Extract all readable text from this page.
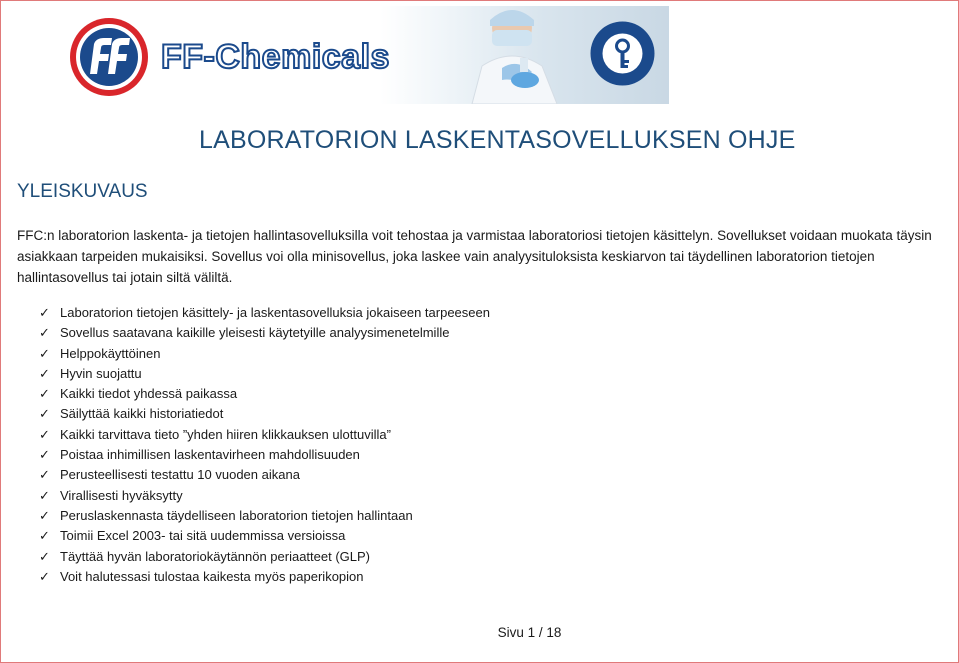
FF-Chemicals
LABORATORION LASKENTASOVELLUKSEN OHJE
YLEISKUVAUS
FFC:n laboratorion laskenta- ja tietojen hallintasovelluksilla voit tehostaa ja varmistaa laboratoriosi tietojen käsittelyn. Sovellukset voidaan muokata täysin
asiakkaan tarpeiden mukaisiksi. Sovellus voi olla minisovellus, joka laskee vain analyysituloksista keskiarvon tai täydellinen laboratorion tietojen
hallintasovellus tai jotain siltä väliltä.
✓ Laboratorion tietojen käsittely- ja laskentasovelluksia jokaiseen tarpeeseen
✓ Sovellus saatavana kaikille yleisesti käytetyille analyysimenetelmille
✓ Helppokäyttöinen
✓ Hyvin suojattu
✓ Kaikki tiedot yhdessä paikassa
✓ Säilyttää kaikki historiatiedot
✓ Kaikki tarvittava tieto ”yhden hiiren klikkauksen ulottuvilla”
✓ Poistaa inhimillisen laskentavirheen mahdollisuuden
✓ Perusteellisesti testattu 10 vuoden aikana
✓ Virallisesti hyväksytty
✓ Peruslaskennasta täydelliseen laboratorion tietojen hallintaan
✓ Toimii Excel 2003- tai sitä uudemmissa versioissa
✓ Täyttää hyvän laboratoriokäytännön periaatteet (GLP)
✓ Voit halutessasi tulostaa kaikesta myös paperikopion
Sivu 1 / 18
